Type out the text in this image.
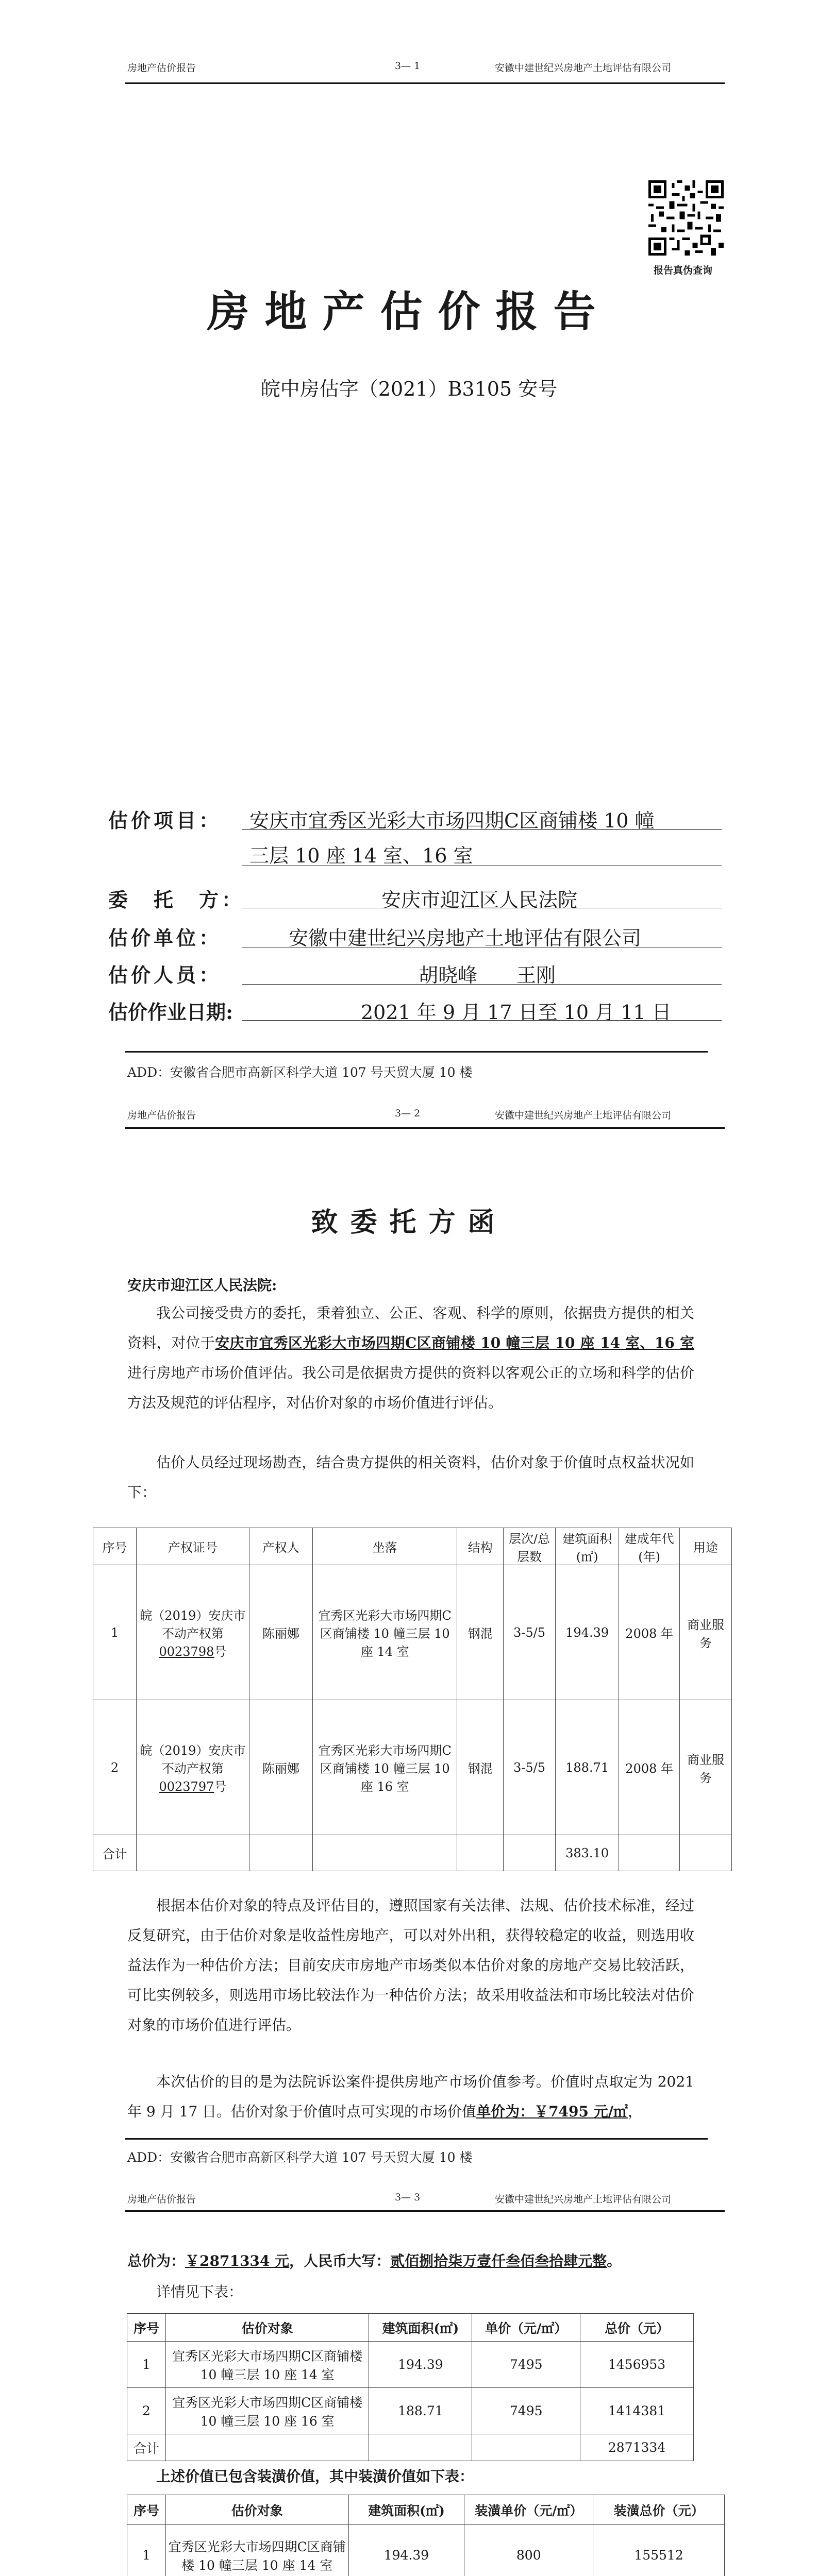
房地产估价报告	3— 1	安徽中建世纪兴房地产土地评估有限公司
报告真伪查询
房地产估价报告
皖中房估字（2021）B3105 安号
估价项目： 安庆市宜秀区光彩大市场四期C区商铺楼 10 幢
三层 10 座 14 室、16 室
委　托　方：	安庆市迎江区人民法院
估价单位：	安徽中建世纪兴房地产土地评估有限公司
估价人员：	胡晓峰　　王刚
估价作业日期:	2021 年 9 月 17 日至 10 月 11 日
ADD：安徽省合肥市高新区科学大道 107 号天贸大厦 10 楼
房地产估价报告	3— 2	安徽中建世纪兴房地产土地评估有限公司
致委托方函
安庆市迎江区人民法院:
我公司接受贵方的委托，秉着独立、公正、客观、科学的原则，依据贵方提供的相关资料，对位于安庆市宜秀区光彩大市场四期C区商铺楼 10 幢三层 10 座 14 室、16 室进行房地产市场价值评估。我公司是依据贵方提供的资料以客观公正的立场和科学的估价方法及规范的评估程序，对估价对象的市场价值进行评估。
估价人员经过现场勘查，结合贵方提供的相关资料，估价对象于价值时点权益状况如下：
序号	产权证号	产权人	坐落	结构	层次/总层数	建筑面积(㎡)	建成年代(年)	用途
1	皖（2019）安庆市不动产权第0023798号	陈丽娜	宜秀区光彩大市场四期C区商铺楼 10 幢三层 10 座 14 室	钢混	3-5/5	194.39	2008 年	商业服务
2	皖（2019）安庆市不动产权第0023797号	陈丽娜	宜秀区光彩大市场四期C区商铺楼 10 幢三层 10 座 16 室	钢混	3-5/5	188.71	2008 年	商业服务
合计						383.10		
根据本估价对象的特点及评估目的，遵照国家有关法律、法规、估价技术标准，经过反复研究，由于估价对象是收益性房地产，可以对外出租，获得较稳定的收益，则选用收益法作为一种估价方法；目前安庆市房地产市场类似本估价对象的房地产交易比较活跃，可比实例较多，则选用市场比较法作为一种估价方法；故采用收益法和市场比较法对估价对象的市场价值进行评估。
本次估价的目的是为法院诉讼案件提供房地产市场价值参考。价值时点取定为 2021 年 9 月 17 日。估价对象于价值时点可实现的市场价值单价为：￥7495 元/㎡，
ADD：安徽省合肥市高新区科学大道 107 号天贸大厦 10 楼
房地产估价报告	3— 3	安徽中建世纪兴房地产土地评估有限公司
总价为：￥2871334 元，人民币大写：贰佰捌拾柒万壹仟叁佰叁拾肆元整。
详情见下表：
序号	估价对象	建筑面积(㎡)	单价（元/㎡）	总价（元）
1	宜秀区光彩大市场四期C区商铺楼 10 幢三层 10 座 14 室	194.39	7495	1456953
2	宜秀区光彩大市场四期C区商铺楼 10 幢三层 10 座 16 室	188.71	7495	1414381
合计				2871334
上述价值已包含装潢价值，其中装潢价值如下表：
序号	估价对象	建筑面积(㎡)	装潢单价（元/㎡）	装潢总价（元）
1	宜秀区光彩大市场四期C区商铺楼 10 幢三层 10 座 14 室	194.39	800	155512
